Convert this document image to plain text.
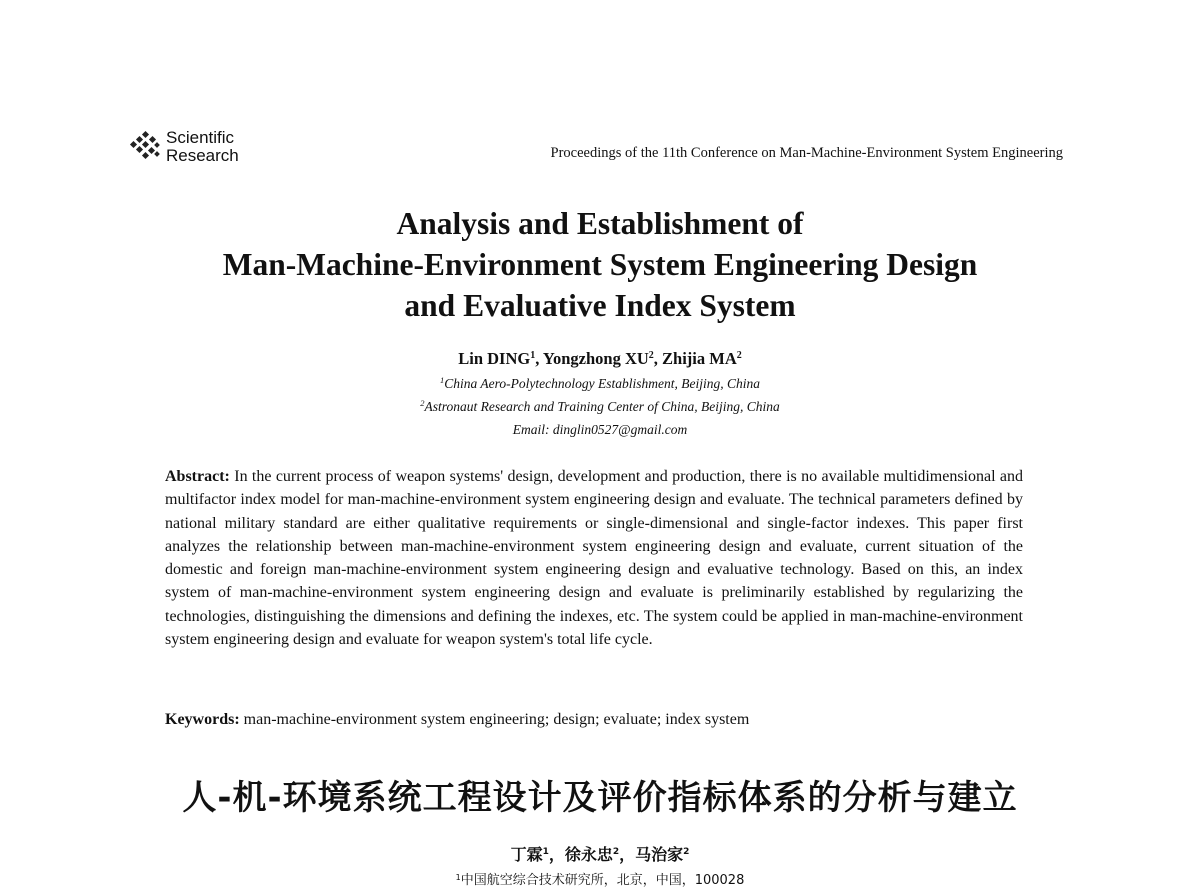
Scientific
Research	Proceedings of the 11th Conference on Man-Machine-Environment System Engineering
Analysis and Establishment of
Man-Machine-Environment System Engineering Design
and Evaluative Index System
Lin DING$^1$, Yongzhong $XU^2$, Zhijia $MA^2$
$^1$China Aero-Polytechnology Establishment, Beijing, China
$^2$Astronaut Research and Training Center of China, Beijing, China
Email: dinglin0527@gmail.com
Abstract: In the current process of weapon systems' design, development and production, there is no available multidimensional and multifactor index model for man-machine-environment system engineering design and evaluate. The technical parameters defined by national military standard are either qualitative requirements or single-dimensional and single-factor indexes. This paper first analyzes the relationship between man-machine-environment system engineering design and evaluate, current situation of the domestic and foreign man-machine-environment system engineering design and evaluative technology. Based on this, an index system of man-machine-environment system engineering design and evaluate is preliminarily established by regularizing the technologies, distinguishing the dimensions and defining the indexes, etc. The system could be applied in man-machine-environment system engineering design and evaluate for weapon system's total life cycle.
Keywords: man-machine-environment system engineering; design; evaluate; index system
人-机-环境系统工程设计及评价指标体系的分析与建立
丁霖$^1$，徐永忠$^2$，马治家$^2$
$^1$中国航空综合技术研究所，北京，中国，100028
